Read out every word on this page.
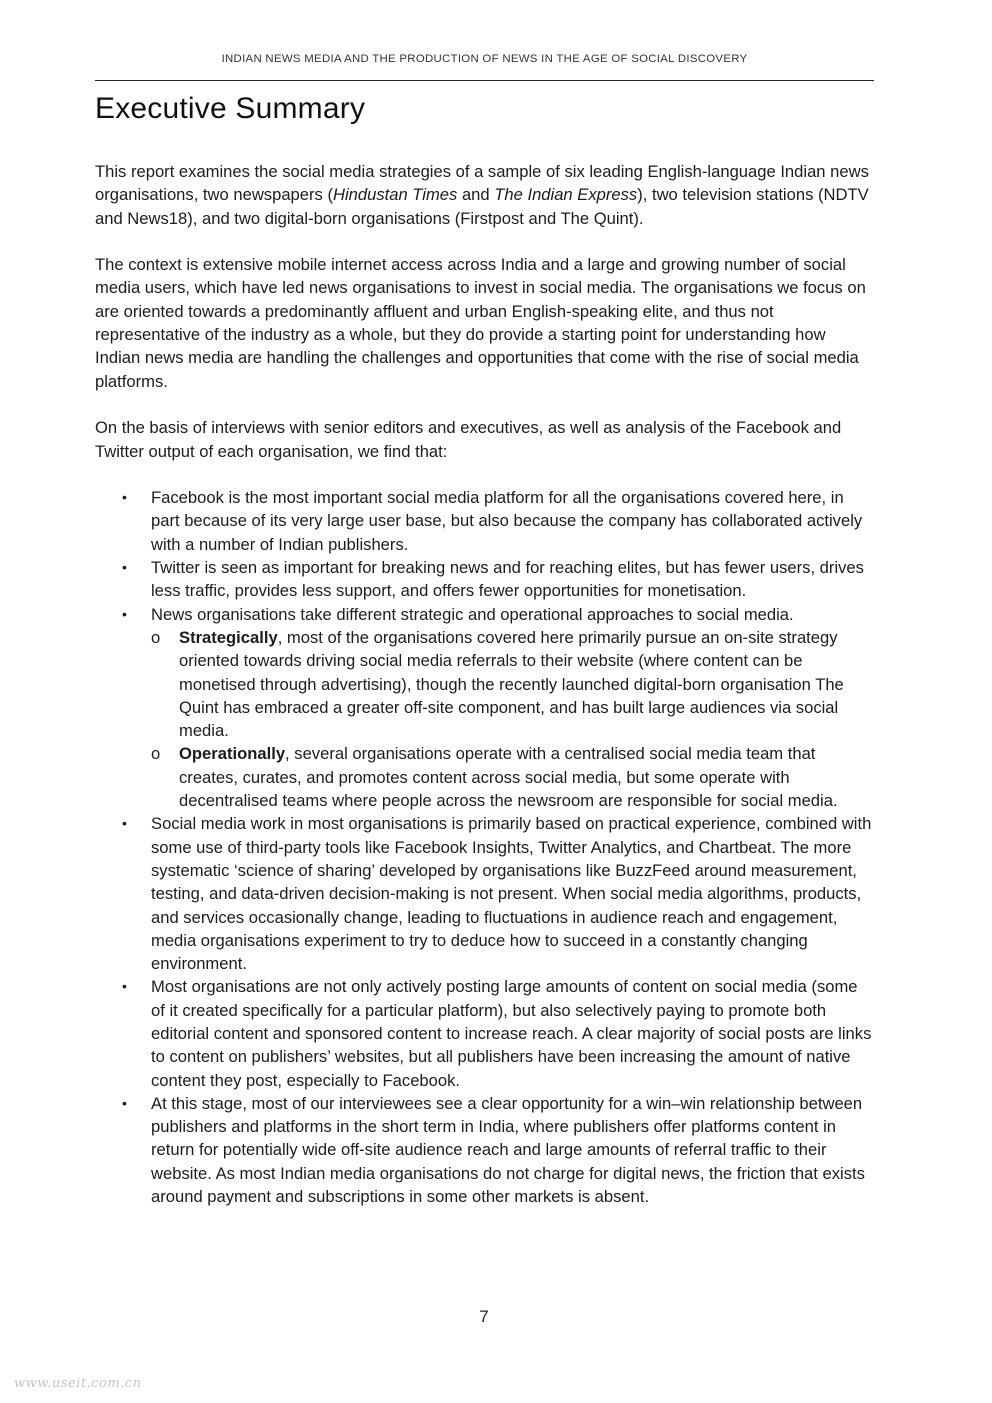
INDIAN NEWS MEDIA AND THE PRODUCTION OF NEWS IN THE AGE OF SOCIAL DISCOVERY
Executive Summary

This report examines the social media strategies of a sample of six leading English-language Indian news organisations, two newspapers (Hindustan Times and The Indian Express), two television stations (NDTV and News18), and two digital-born organisations (Firstpost and The Quint).

The context is extensive mobile internet access across India and a large and growing number of social media users, which have led news organisations to invest in social media. The organisations we focus on are oriented towards a predominantly affluent and urban English-speaking elite, and thus not representative of the industry as a whole, but they do provide a starting point for understanding how Indian news media are handling the challenges and opportunities that come with the rise of social media platforms.

On the basis of interviews with senior editors and executives, as well as analysis of the Facebook and Twitter output of each organisation, we find that:

• Facebook is the most important social media platform for all the organisations covered here, in part because of its very large user base, but also because the company has collaborated actively with a number of Indian publishers.
• Twitter is seen as important for breaking news and for reaching elites, but has fewer users, drives less traffic, provides less support, and offers fewer opportunities for monetisation.
• News organisations take different strategic and operational approaches to social media.
o Strategically, most of the organisations covered here primarily pursue an on-site strategy oriented towards driving social media referrals to their website (where content can be monetised through advertising), though the recently launched digital-born organisation The Quint has embraced a greater off-site component, and has built large audiences via social media.
o Operationally, several organisations operate with a centralised social media team that creates, curates, and promotes content across social media, but some operate with decentralised teams where people across the newsroom are responsible for social media.
• Social media work in most organisations is primarily based on practical experience, combined with some use of third-party tools like Facebook Insights, Twitter Analytics, and Chartbeat. The more systematic ‘science of sharing’ developed by organisations like BuzzFeed around measurement, testing, and data-driven decision-making is not present. When social media algorithms, products, and services occasionally change, leading to fluctuations in audience reach and engagement, media organisations experiment to try to deduce how to succeed in a constantly changing environment.
• Most organisations are not only actively posting large amounts of content on social media (some of it created specifically for a particular platform), but also selectively paying to promote both editorial content and sponsored content to increase reach. A clear majority of social posts are links to content on publishers’ websites, but all publishers have been increasing the amount of native content they post, especially to Facebook.
• At this stage, most of our interviewees see a clear opportunity for a win–win relationship between publishers and platforms in the short term in India, where publishers offer platforms content in return for potentially wide off-site audience reach and large amounts of referral traffic to their website. As most Indian media organisations do not charge for digital news, the friction that exists around payment and subscriptions in some other markets is absent.
7
www.useit.com.cn
